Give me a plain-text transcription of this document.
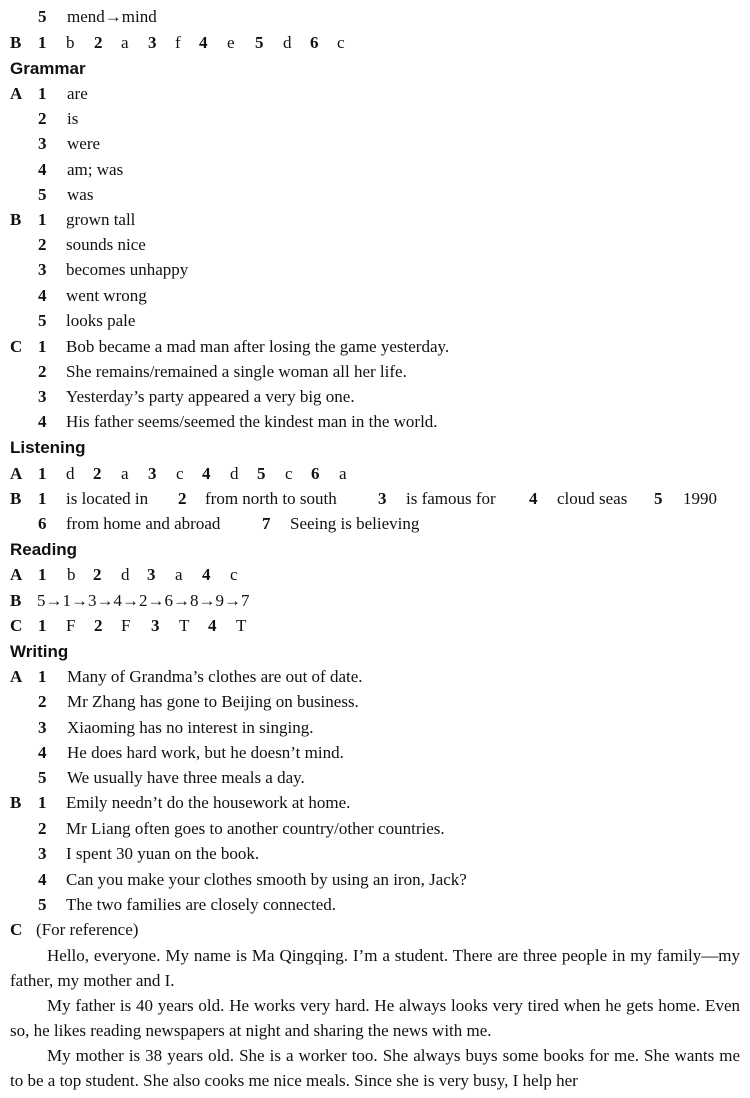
5 mend→mind
B 1 b 2 a 3 f 4 e 5 d 6 c
Grammar
A 1 are
2 is
3 were
4 am; was
5 was
B 1 grown tall
2 sounds nice
3 becomes unhappy
4 went wrong
5 looks pale
C 1 Bob became a mad man after losing the game yesterday.
2 She remains/remained a single woman all her life.
3 Yesterday’s party appeared a very big one.
4 His father seems/seemed the kindest man in the world.
Listening
A 1 d 2 a 3 c 4 d 5 c 6 a
B 1 is located in 2 from north to south 3 is famous for 4 cloud seas 5 1990
6 from home and abroad 7 Seeing is believing
Reading
A 1 b 2 d 3 a 4 c
B 5→1→3→4→2→6→8→9→7
C 1 F 2 F 3 T 4 T
Writing
A 1 Many of Grandma’s clothes are out of date.
2 Mr Zhang has gone to Beijing on business.
3 Xiaoming has no interest in singing.
4 He does hard work, but he doesn’t mind.
5 We usually have three meals a day.
B 1 Emily needn’t do the housework at home.
2 Mr Liang often goes to another country/other countries.
3 I spent 30 yuan on the book.
4 Can you make your clothes smooth by using an iron, Jack?
5 The two families are closely connected.
C (For reference)

Hello, everyone. My name is Ma Qingqing. I’m a student. There are three people in my family—my father, my mother and I.

My father is 40 years old. He works very hard. He always looks very tired when he gets home. Even so, he likes reading newspapers at night and sharing the news with me.

My mother is 38 years old. She is a worker too. She always buys some books for me. She wants me to be a top student. She also cooks me nice meals. Since she is very busy, I help her
